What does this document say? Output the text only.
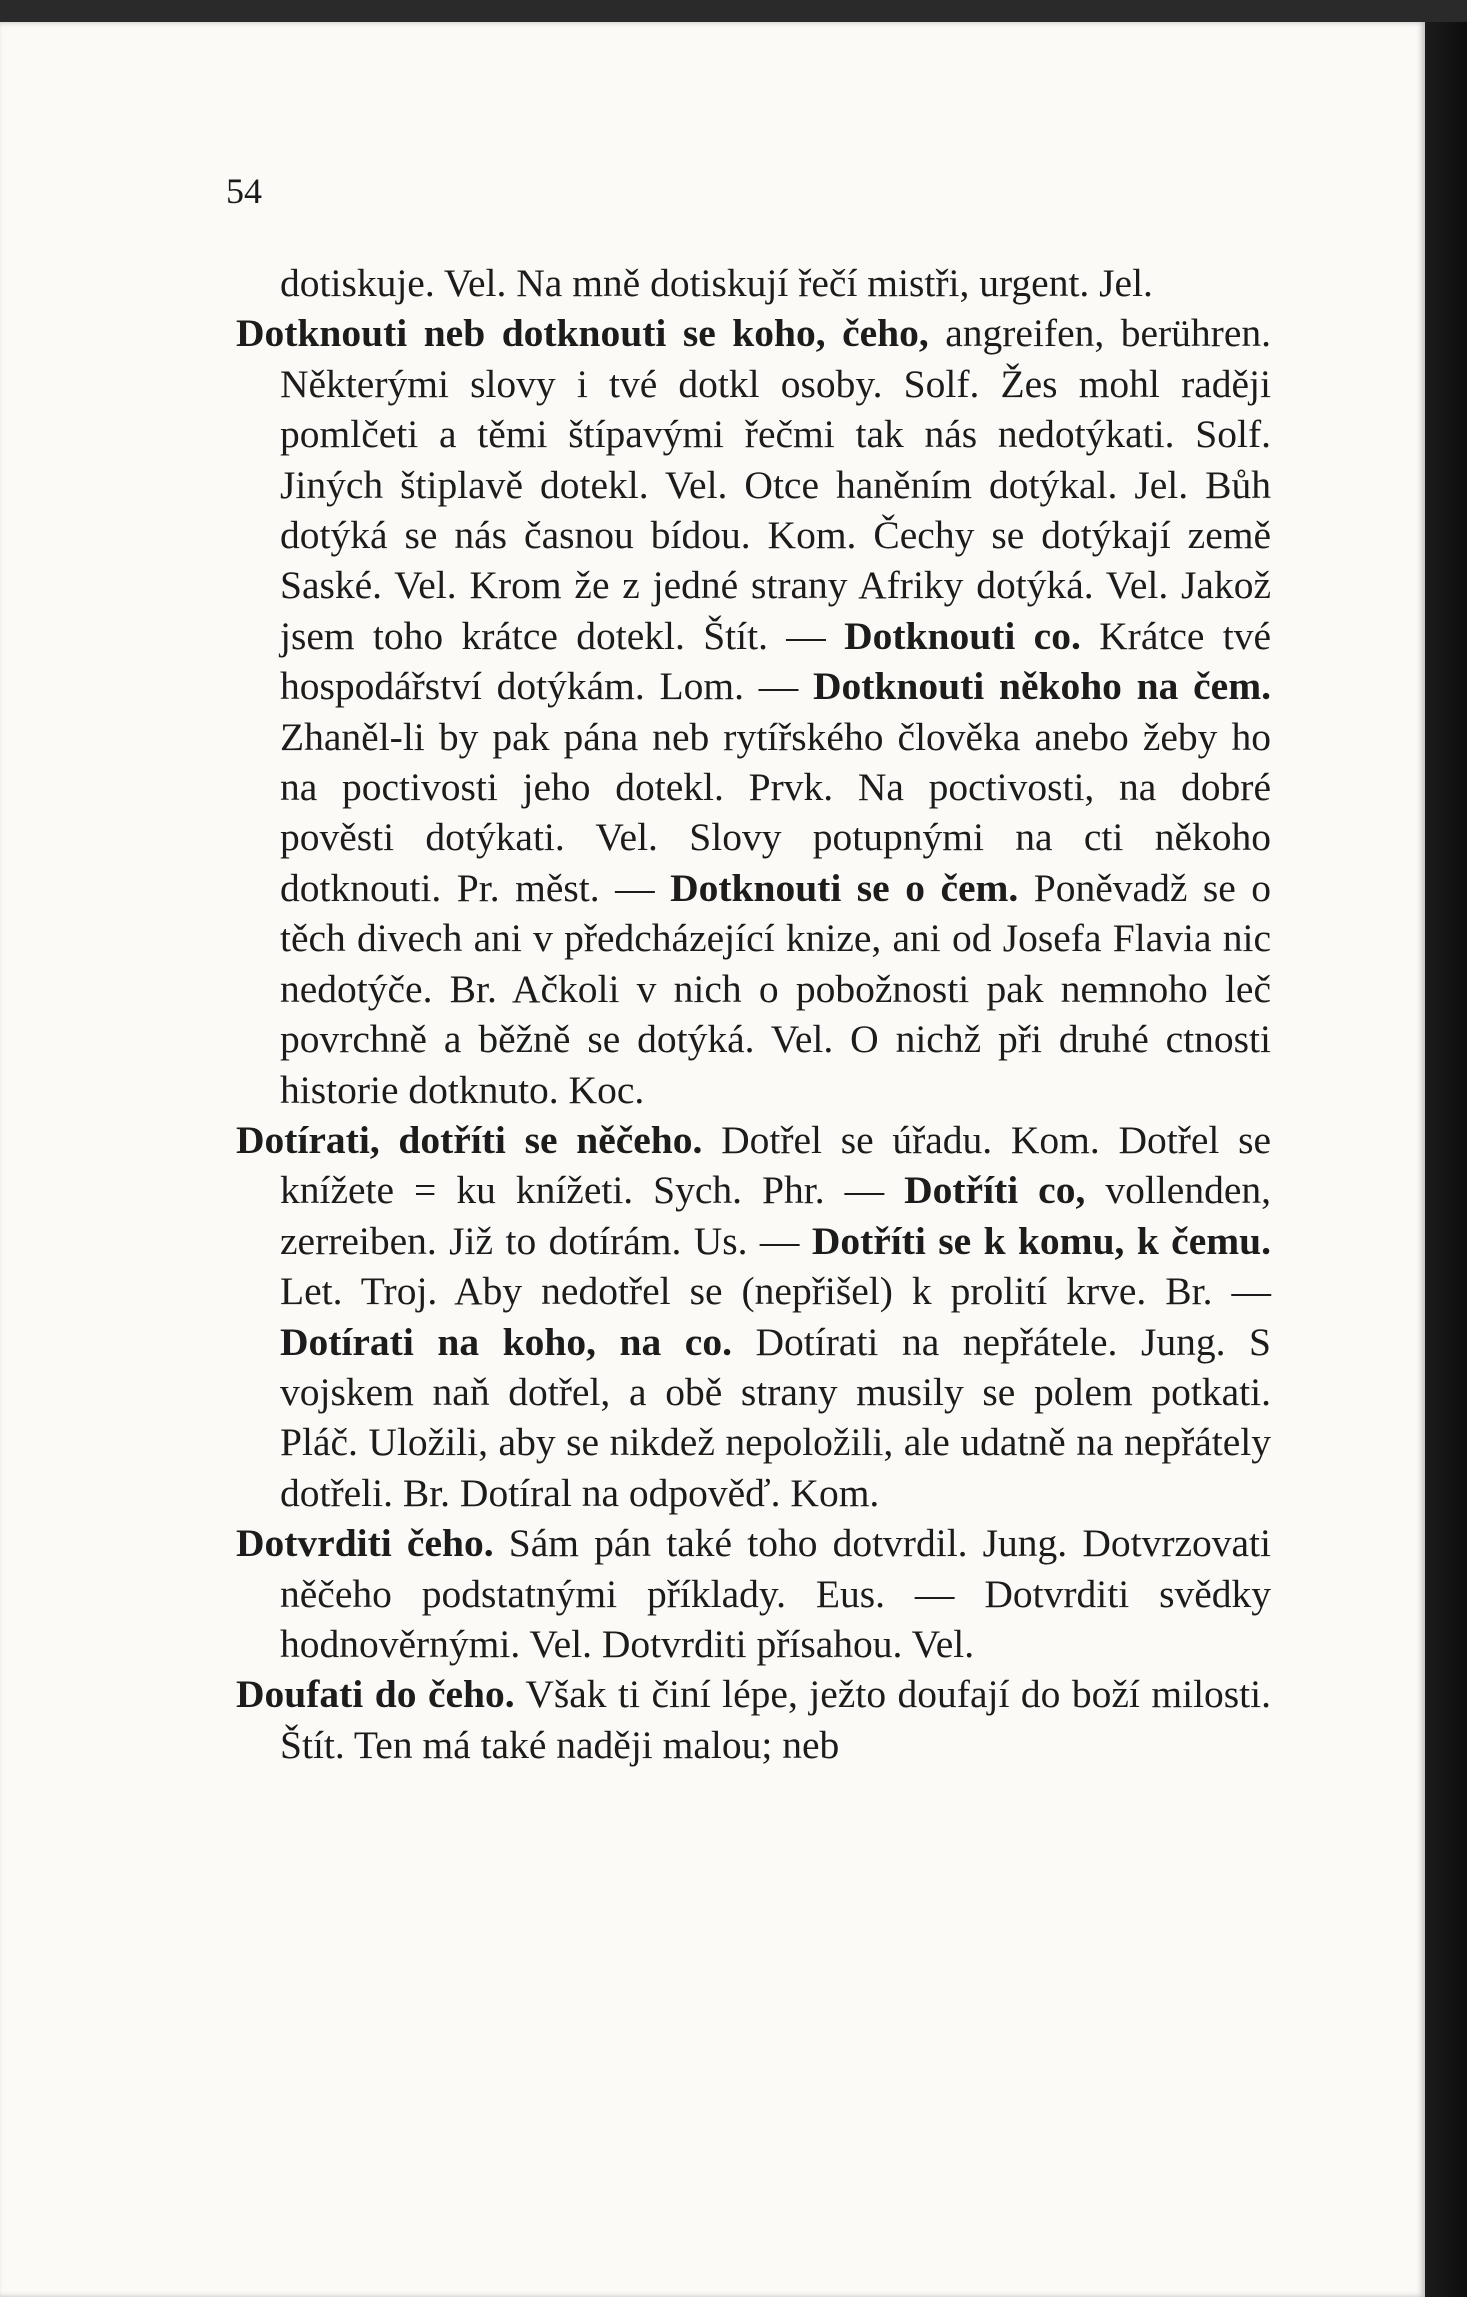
54

dotiskuje. Vel. Na mně dotiskují řečí mistři, urgent. Jel.

Dotknouti neb dotknouti se koho, čeho, angreifen, berühren. Některými slovy i tvé dotkl osoby. Solf. Žes mohl raději pomlčeti a těmi štípavými řečmi tak nás nedotýkati. Solf. Jiných štiplavě dotekl. Vel. Otce haněním dotýkal. Jel. Bůh dotýká se nás časnou bídou. Kom. Čechy se dotýkají země Saské. Vel. Krom že z jedné strany Afriky dotýká. Vel. Jakož jsem toho krátce dotekl. Štít. — Dotknouti co. Krátce tvé hospodářství dotýkám. Lom. — Dotknouti někoho na čem. Zhaněl-li by pak pána neb rytířského člověka anebo žeby ho na poctivosti jeho dotekl. Prvk. Na poctivosti, na dobré pověsti dotýkati. Vel. Slovy potupnými na cti někoho dotknouti. Pr. měst. — Dotknouti se o čem. Poněvadž se o těch divech ani v předcházející knize, ani od Josefa Flavia nic nedotýče. Br. Ačkoli v nich o pobožnosti pak nemnoho leč povrchně a běžně se dotýká. Vel. O nichž při druhé ctnosti historie dotknuto. Koc.

Dotírati, dotříti se něčeho. Dotřel se úřadu. Kom. Dotřel se knížete = ku knížeti. Sych. Phr. — Dotříti co, vollenden, zerreiben. Již to dotírám. Us. — Dotříti se k komu, k čemu. Let. Troj. Aby nedotřel se (nepřišel) k prolití krve. Br. — Dotírati na koho, na co. Dotírati na nepřátele. Jung. S vojskem naň dotřel, a obě strany musily se polem potkati. Pláč. Uložili, aby se nikdež nepoložili, ale udatně na nepřátely dotřeli. Br. Dotíral na odpověď. Kom.

Dotvrditi čeho. Sám pán také toho dotvrdil. Jung. Dotvrzovati něčeho podstatnými příklady. Eus. — Dotvrditi svědky hodnověrnými. Vel. Dotvrditi přísahou. Vel.

Doufati do čeho. Však ti činí lépe, ježto doufají do boží milosti. Štít. Ten má také naději malou; neb
